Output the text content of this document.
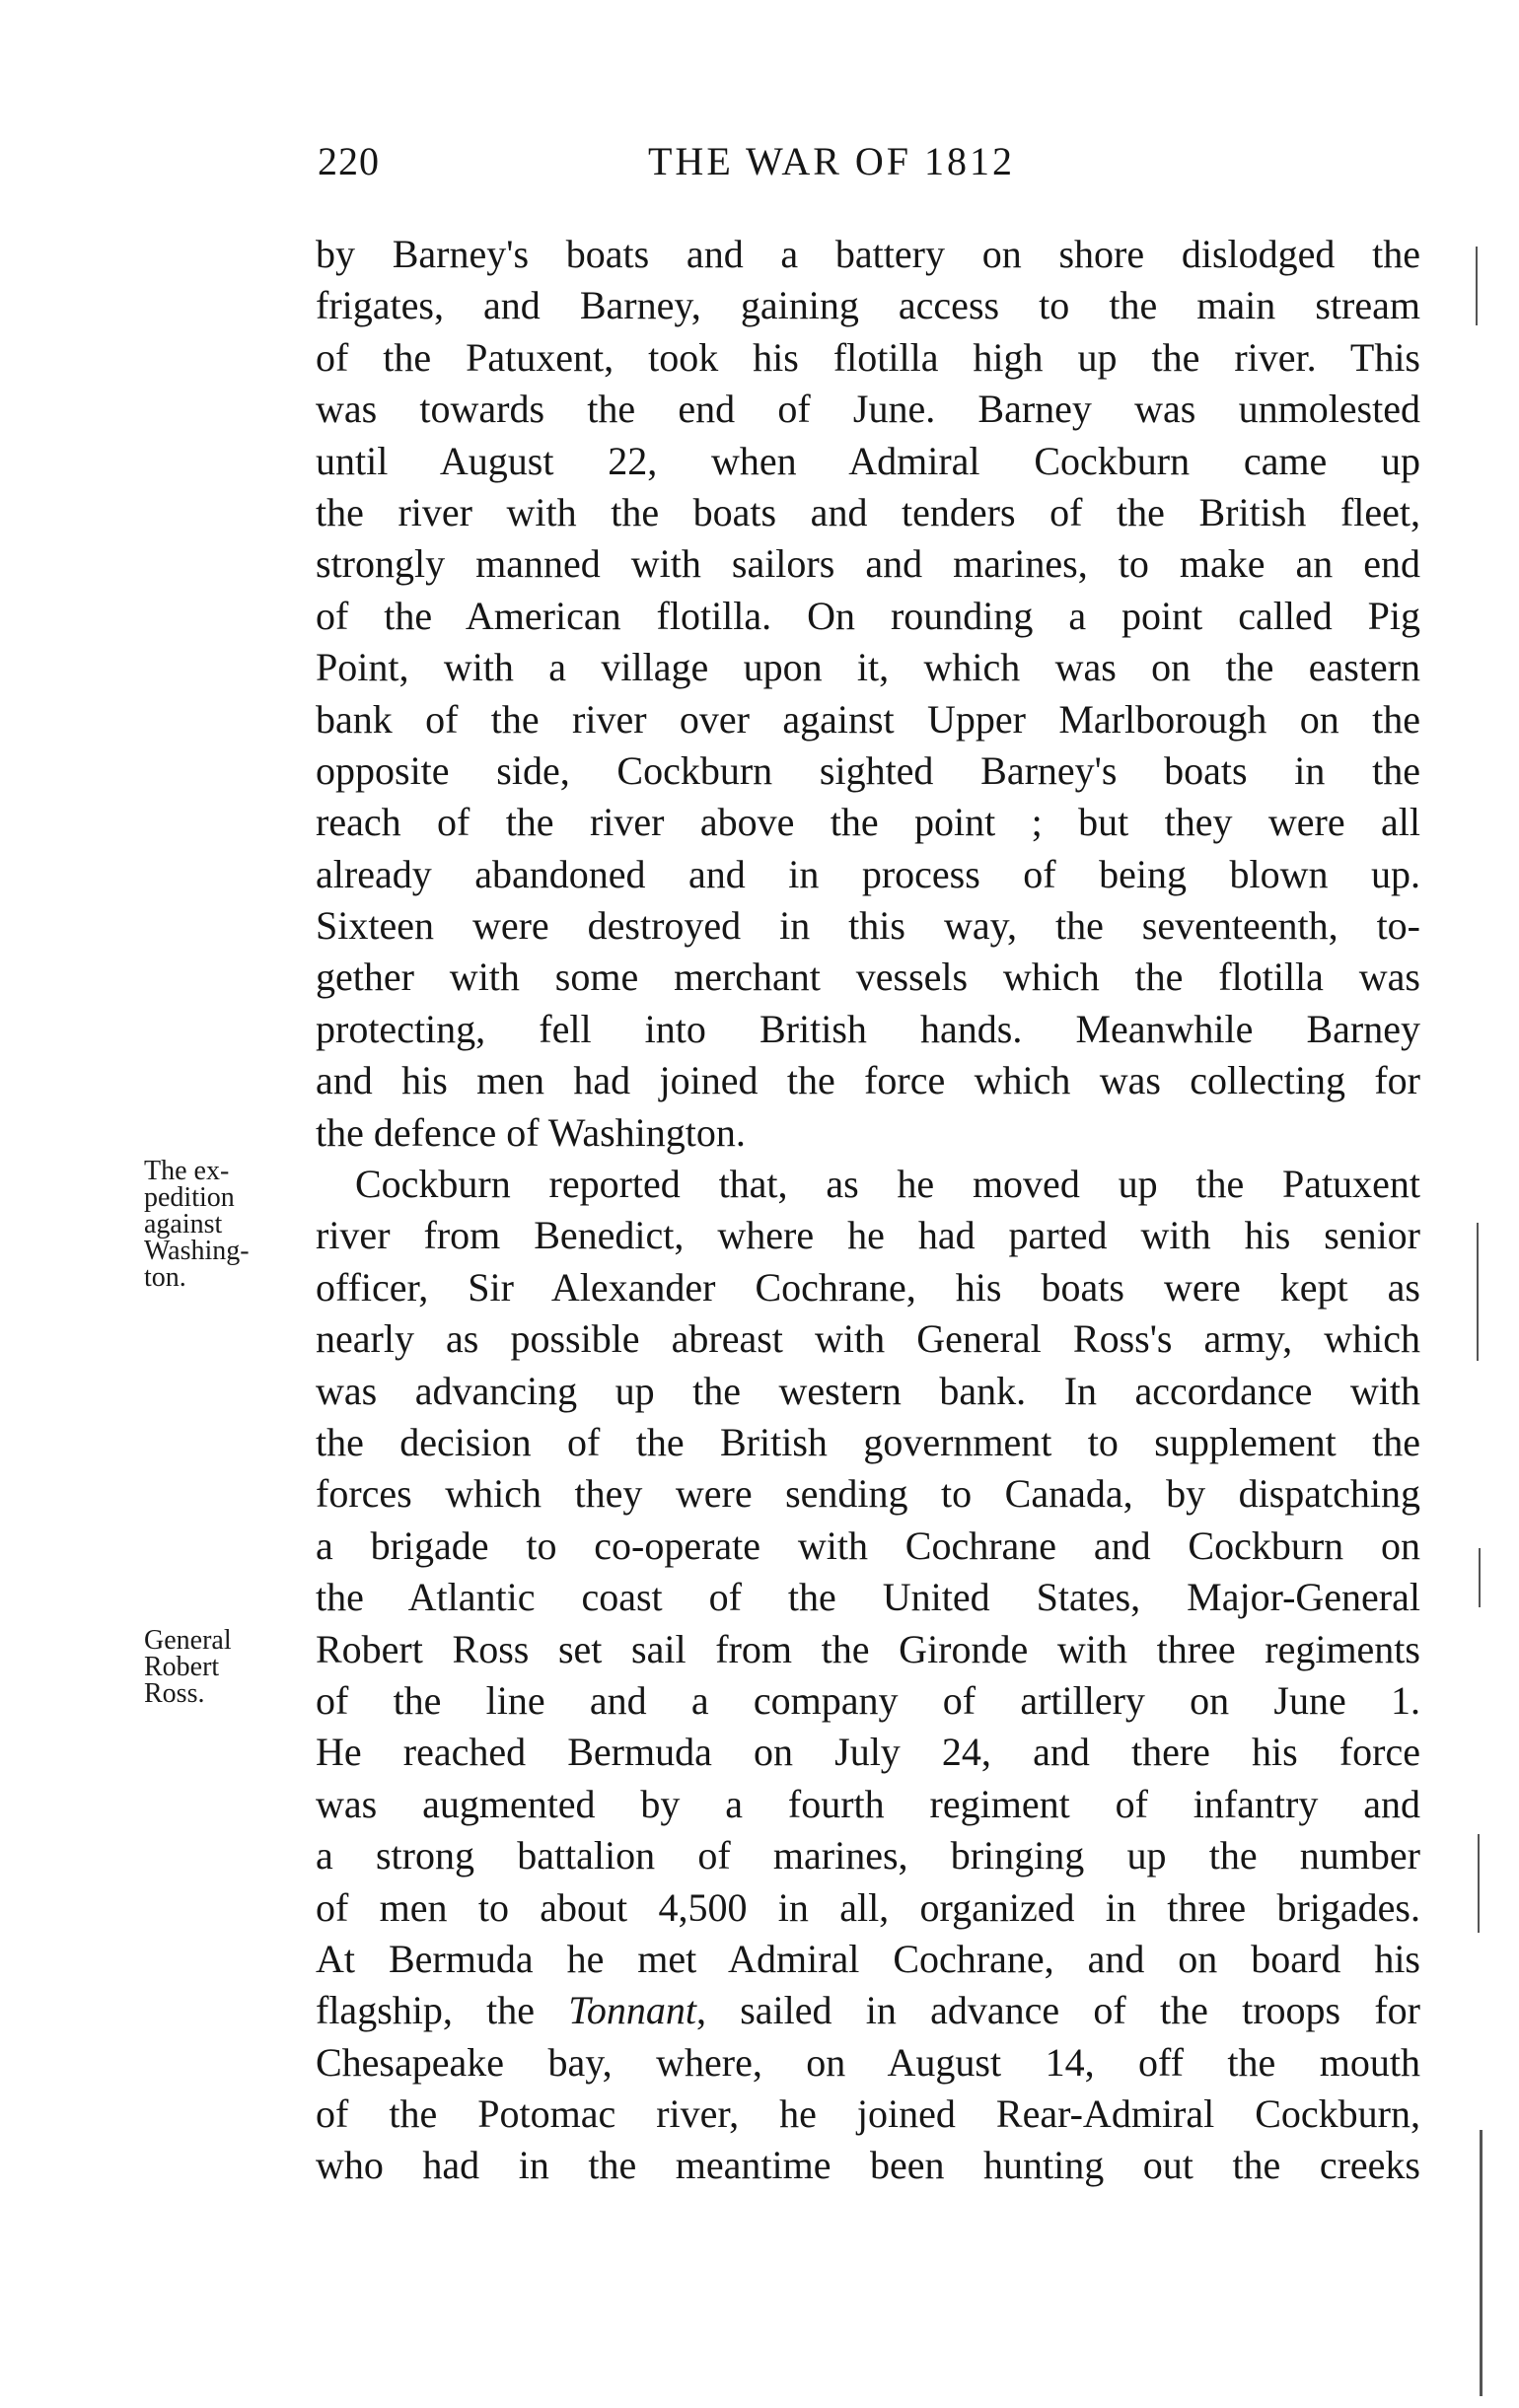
220	THE WAR OF 1812
The ex-
pedition
against
Washing-
ton.
General
Robert
Ross.
by Barney's boats and a battery on shore dislodged the
frigates, and Barney, gaining access to the main stream
of the Patuxent, took his flotilla high up the river. This
was towards the end of June. Barney was unmolested
until August 22, when Admiral Cockburn came up
the river with the boats and tenders of the British fleet,
strongly manned with sailors and marines, to make an end
of the American flotilla. On rounding a point called Pig
Point, with a village upon it, which was on the eastern
bank of the river over against Upper Marlborough on the
opposite side, Cockburn sighted Barney's boats in the
reach of the river above the point ; but they were all
already abandoned and in process of being blown up.
Sixteen were destroyed in this way, the seventeenth, to-
gether with some merchant vessels which the flotilla was
protecting, fell into British hands. Meanwhile Barney
and his men had joined the force which was collecting for
the defence of Washington.
Cockburn reported that, as he moved up the Patuxent
river from Benedict, where he had parted with his senior
officer, Sir Alexander Cochrane, his boats were kept as
nearly as possible abreast with General Ross's army, which
was advancing up the western bank. In accordance with
the decision of the British government to supplement the
forces which they were sending to Canada, by dispatching
a brigade to co-operate with Cochrane and Cockburn on
the Atlantic coast of the United States, Major-General
Robert Ross set sail from the Gironde with three regiments
of the line and a company of artillery on June 1.
He reached Bermuda on July 24, and there his force
was augmented by a fourth regiment of infantry and
a strong battalion of marines, bringing up the number
of men to about 4,500 in all, organized in three brigades.
At Bermuda he met Admiral Cochrane, and on board his
flagship, the Tonnant, sailed in advance of the troops for
Chesapeake bay, where, on August 14, off the mouth
of the Potomac river, he joined Rear-Admiral Cockburn,
who had in the meantime been hunting out the creeks
